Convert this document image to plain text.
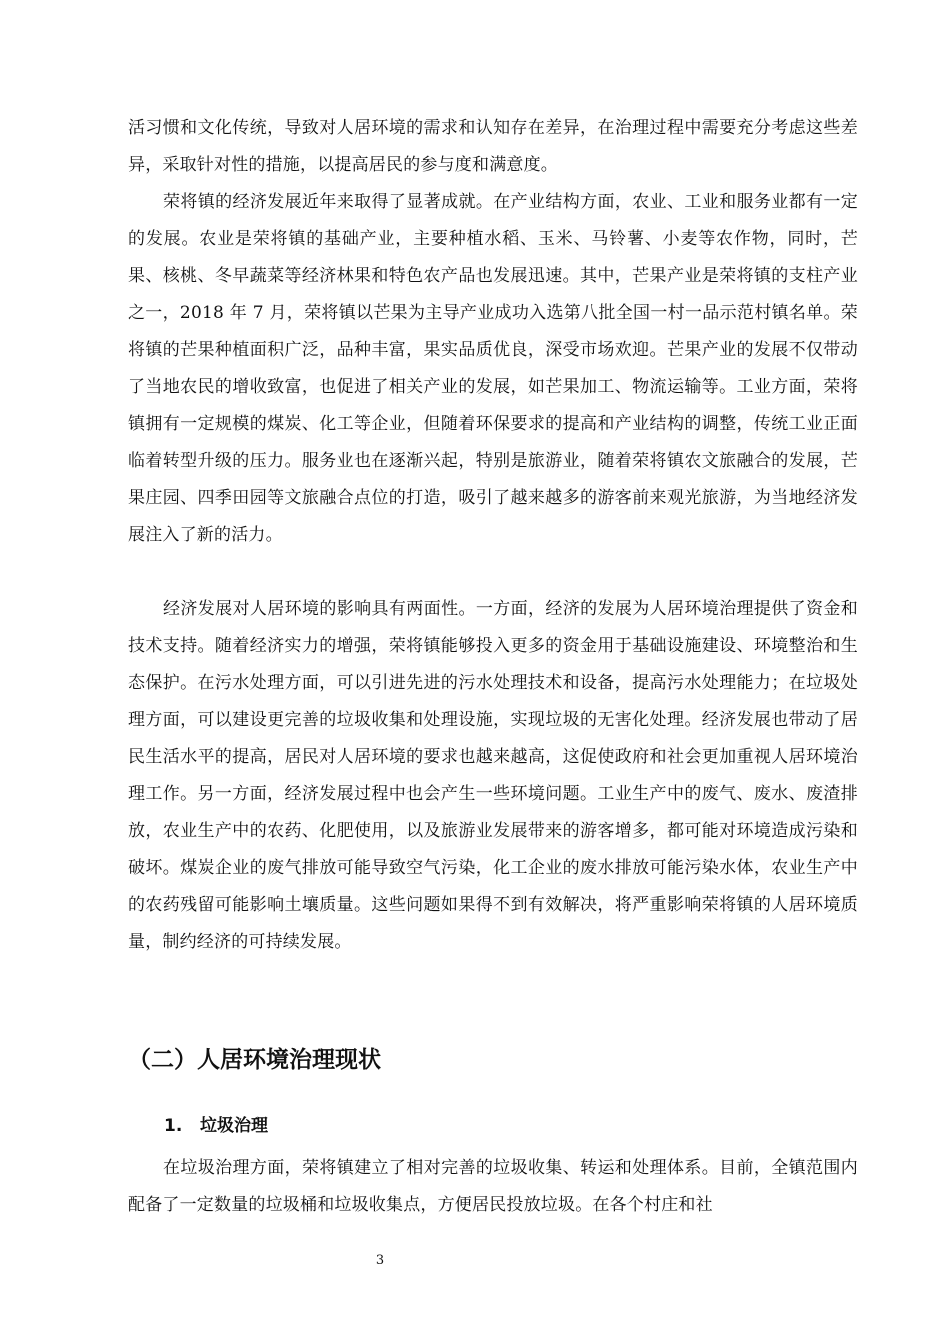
活习惯和文化传统，导致对人居环境的需求和认知存在差异，在治理过程中需要充分考虑这些差异，采取针对性的措施，以提高居民的参与度和满意度。

荣将镇的经济发展近年来取得了显著成就。在产业结构方面，农业、工业和服务业都有一定的发展。农业是荣将镇的基础产业，主要种植水稻、玉米、马铃薯、小麦等农作物，同时，芒果、核桃、冬早蔬菜等经济林果和特色农产品也发展迅速。其中，芒果产业是荣将镇的支柱产业之一，2018 年 7 月，荣将镇以芒果为主导产业成功入选第八批全国一村一品示范村镇名单。荣将镇的芒果种植面积广泛，品种丰富，果实品质优良，深受市场欢迎。芒果产业的发展不仅带动了当地农民的增收致富，也促进了相关产业的发展，如芒果加工、物流运输等。工业方面，荣将镇拥有一定规模的煤炭、化工等企业，但随着环保要求的提高和产业结构的调整，传统工业正面临着转型升级的压力。服务业也在逐渐兴起，特别是旅游业，随着荣将镇农文旅融合的发展，芒果庄园、四季田园等文旅融合点位的打造，吸引了越来越多的游客前来观光旅游，为当地经济发展注入了新的活力。

经济发展对人居环境的影响具有两面性。一方面，经济的发展为人居环境治理提供了资金和技术支持。随着经济实力的增强，荣将镇能够投入更多的资金用于基础设施建设、环境整治和生态保护。在污水处理方面，可以引进先进的污水处理技术和设备，提高污水处理能力；在垃圾处理方面，可以建设更完善的垃圾收集和处理设施，实现垃圾的无害化处理。经济发展也带动了居民生活水平的提高，居民对人居环境的要求也越来越高，这促使政府和社会更加重视人居环境治理工作。另一方面，经济发展过程中也会产生一些环境问题。工业生产中的废气、废水、废渣排放，农业生产中的农药、化肥使用，以及旅游业发展带来的游客增多，都可能对环境造成污染和破坏。煤炭企业的废气排放可能导致空气污染，化工企业的废水排放可能污染水体，农业生产中的农药残留可能影响土壤质量。这些问题如果得不到有效解决，将严重影响荣将镇的人居环境质量，制约经济的可持续发展。

（二）人居环境治理现状
1. 垃圾治理

在垃圾治理方面，荣将镇建立了相对完善的垃圾收集、转运和处理体系。目前，全镇范围内配备了一定数量的垃圾桶和垃圾收集点，方便居民投放垃圾。在各个村庄和社

3
